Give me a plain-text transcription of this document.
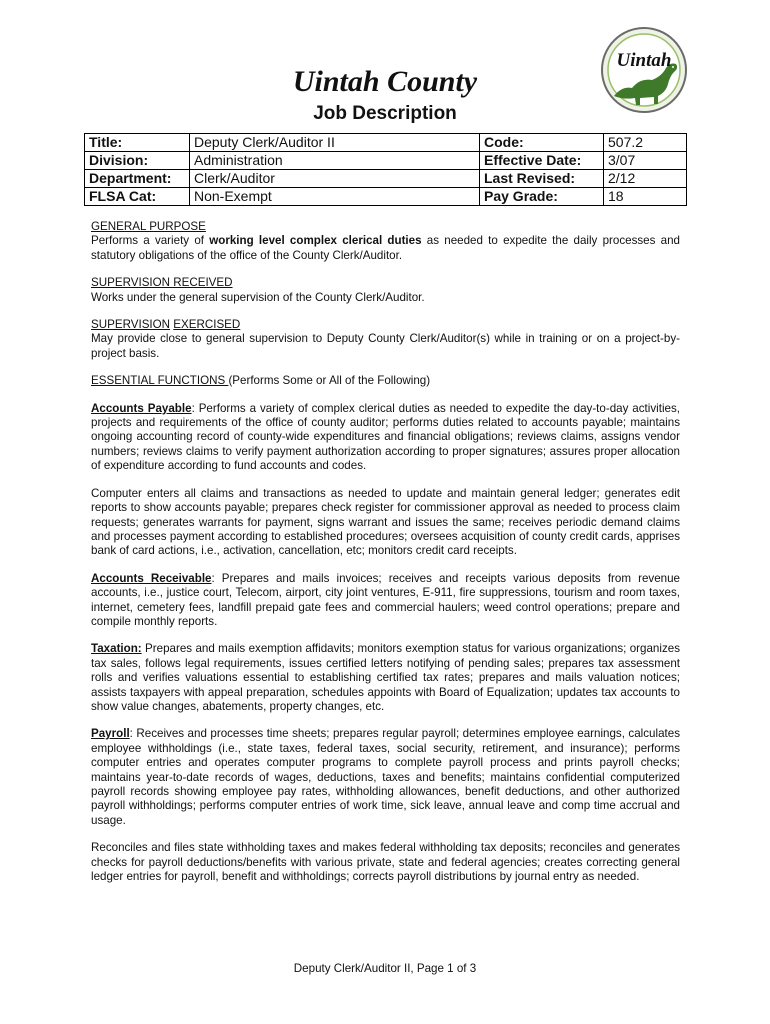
Uintah
Uintah County
Job Description
Title:	Deputy Clerk/Auditor II	Code:	507.2
Division:	Administration	Effective Date:	3/07
Department:	Clerk/Auditor	Last Revised:	2/12
FLSA Cat:	Non-Exempt	Pay Grade:	18

GENERAL PURPOSE
Performs a variety of working level complex clerical duties as needed to expedite the daily processes and statutory obligations of the office of the County Clerk/Auditor.

SUPERVISION RECEIVED
Works under the general supervision of the County Clerk/Auditor.

SUPERVISION EXERCISED
May provide close to general supervision to Deputy County Clerk/Auditor(s) while in training or on a project-by-project basis.

ESSENTIAL FUNCTIONS (Performs Some or All of the Following)

Accounts Payable: Performs a variety of complex clerical duties as needed to expedite the day-to-day activities, projects and requirements of the office of county auditor; performs duties related to accounts payable; maintains ongoing accounting record of county-wide expenditures and financial obligations; reviews claims, assigns vendor numbers; reviews claims to verify payment authorization according to proper signatures; assures proper allocation of expenditure according to fund accounts and codes.

Computer enters all claims and transactions as needed to update and maintain general ledger; generates edit reports to show accounts payable; prepares check register for commissioner approval as needed to process claim requests; generates warrants for payment, signs warrant and issues the same; receives periodic demand claims and processes payment according to established procedures; oversees acquisition of county credit cards, apprises bank of card actions, i.e., activation, cancellation, etc; monitors credit card receipts.

Accounts Receivable: Prepares and mails invoices; receives and receipts various deposits from revenue accounts, i.e., justice court, Telecom, airport, city joint ventures, E-911, fire suppressions, tourism and room taxes, internet, cemetery fees, landfill prepaid gate fees and commercial haulers; weed control operations; prepare and compile monthly reports.

Taxation: Prepares and mails exemption affidavits; monitors exemption status for various organizations; organizes tax sales, follows legal requirements, issues certified letters notifying of pending sales; prepares tax assessment rolls and verifies valuations essential to establishing certified tax rates; prepares and mails valuation notices; assists taxpayers with appeal preparation, schedules appoints with Board of Equalization; updates tax accounts to show value changes, abatements, property changes, etc.

Payroll: Receives and processes time sheets; prepares regular payroll; determines employee earnings, calculates employee withholdings (i.e., state taxes, federal taxes, social security, retirement, and insurance); performs computer entries and operates computer programs to complete payroll process and prints payroll checks; maintains year-to-date records of wages, deductions, taxes and benefits; maintains confidential computerized payroll records showing employee pay rates, withholding allowances, benefit deductions, and other authorized payroll withholdings; performs computer entries of work time, sick leave, annual leave and comp time accrual and usage.

Reconciles and files state withholding taxes and makes federal withholding tax deposits; reconciles and generates checks for payroll deductions/benefits with various private, state and federal agencies; creates correcting general ledger entries for payroll, benefit and withholdings; corrects payroll distributions by journal entry as needed.

Deputy Clerk/Auditor II, Page 1 of 3
